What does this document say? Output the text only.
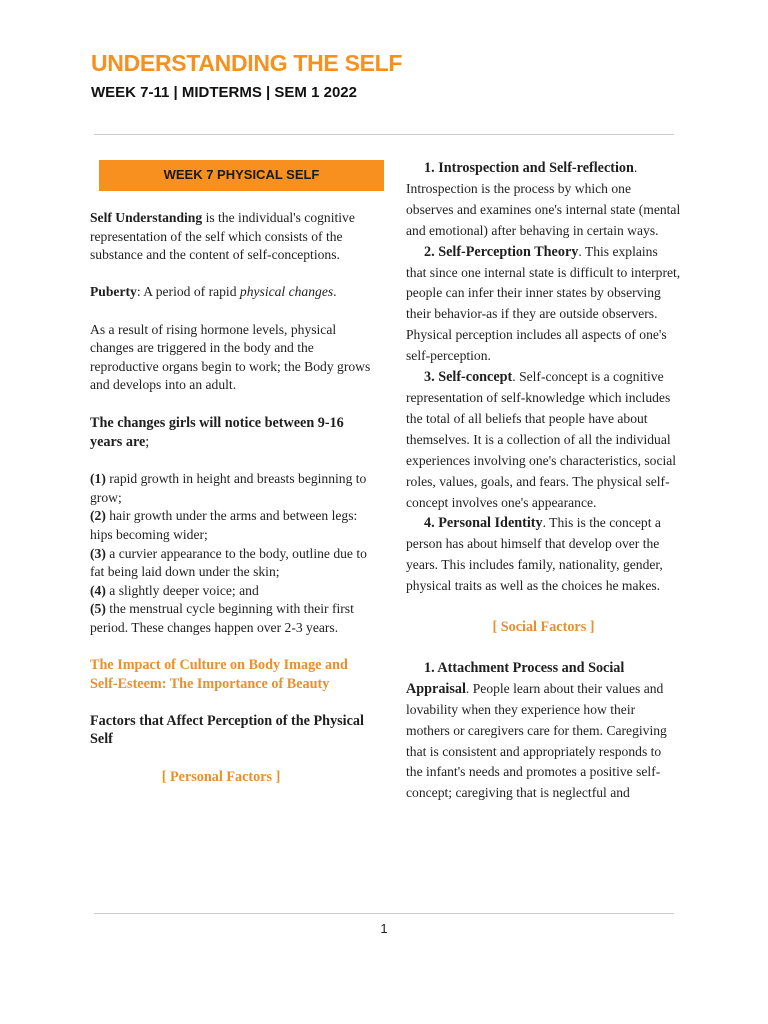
UNDERSTANDING THE SELF
WEEK 7-11 | MIDTERMS | SEM 1 2022
WEEK 7 PHYSICAL SELF

Self Understanding is the individual's cognitive representation of the self which consists of the substance and the content of self-conceptions.

Puberty: A period of rapid physical changes.

As a result of rising hormone levels, physical changes are triggered in the body and the reproductive organs begin to work; the Body grows and develops into an adult.

The changes girls will notice between 9-16 years are;

(1) rapid growth in height and breasts beginning to grow;

(2) hair growth under the arms and between legs: hips becoming wider;

(3) a curvier appearance to the body, outline due to fat being laid down under the skin;

(4) a slightly deeper voice; and

(5) the menstrual cycle beginning with their first period. These changes happen over 2-3 years.

The Impact of Culture on Body Image and Self-Esteem: The Importance of Beauty

Factors that Affect Perception of the Physical Self

[ Personal Factors ]

1. Introspection and Self-reflection. Introspection is the process by which one observes and examines one's internal state (mental and emotional) after behaving in certain ways.

2. Self-Perception Theory. This explains that since one internal state is difficult to interpret, people can infer their inner states by observing their behavior-as if they are outside observers. Physical perception includes all aspects of one's self-perception.

3. Self-concept. Self-concept is a cognitive representation of self-knowledge which includes the total of all beliefs that people have about themselves. It is a collection of all the individual experiences involving one's characteristics, social roles, values, goals, and fears. The physical self-concept involves one's appearance.

4. Personal Identity. This is the concept a person has about himself that develop over the years. This includes family, nationality, gender, physical traits as well as the choices he makes.

[ Social Factors ]

1. Attachment Process and Social Appraisal. People learn about their values and lovability when they experience how their mothers or caregivers care for them. Caregiving that is consistent and appropriately responds to the infant's needs and promotes a positive self-concept; caregiving that is neglectful and

1
